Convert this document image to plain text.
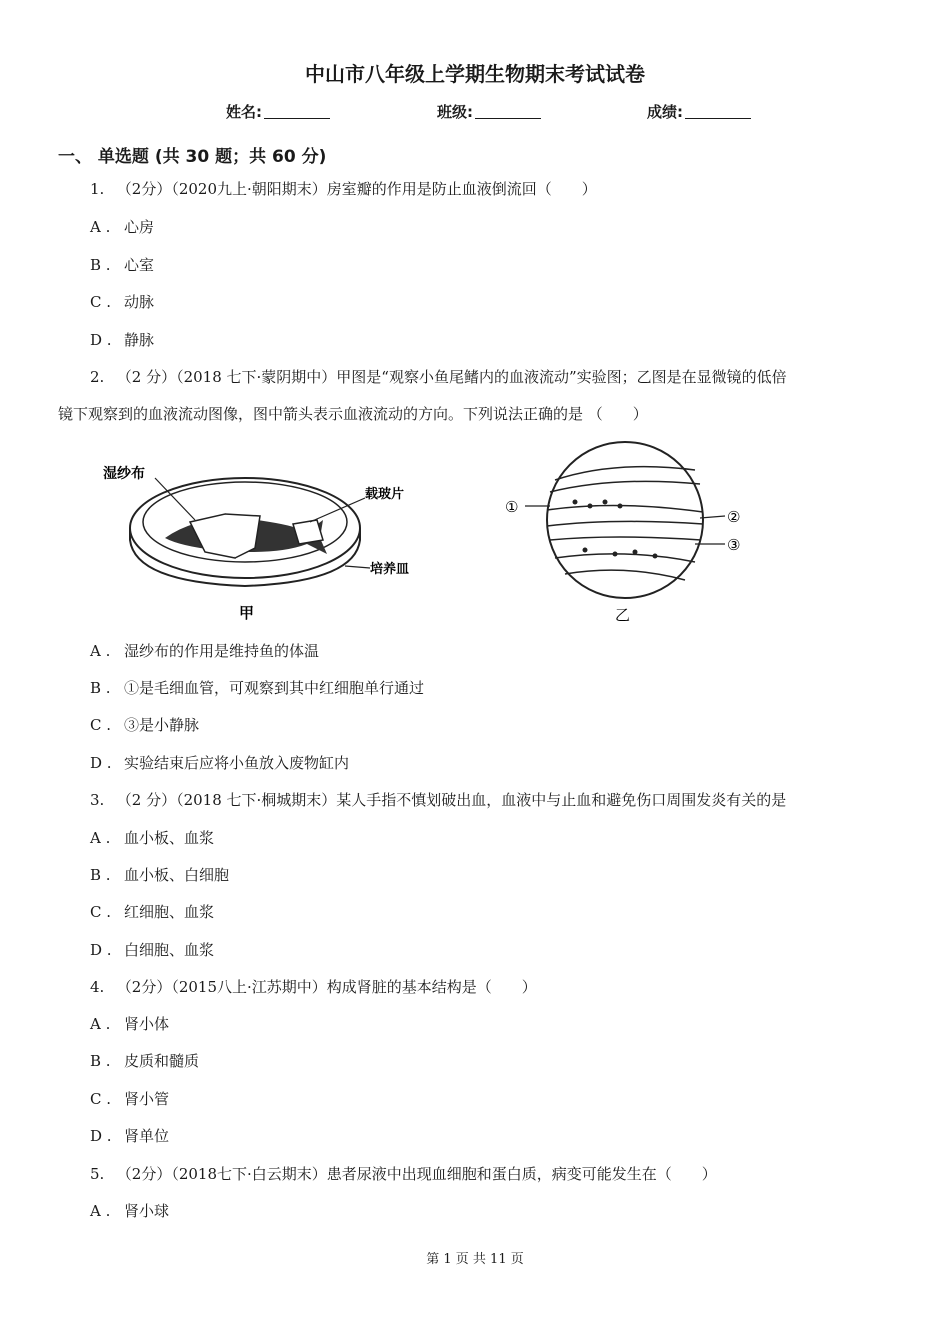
中山市八年级上学期生物期末考试试卷
姓名:	班级:	成绩:
一、 单选题 (共 30 题；共 60 分)
1. （2分）（2020九上·朝阳期末）房室瓣的作用是防止血液倒流回（　　）
A . 心房
B . 心室
C . 动脉
D . 静脉
2. （2 分）（2018 七下·蒙阴期中）甲图是“观察小鱼尾鳍内的血液流动”实验图；乙图是在显微镜的低倍
镜下观察到的血液流动图像，图中箭头表示血液流动的方向。下列说法正确的是 （　　）
湿纱布
载玻片
培养皿
甲
①
②
③
乙
A . 湿纱布的作用是维持鱼的体温
B . ①是毛细血管，可观察到其中红细胞单行通过
C . ③是小静脉
D . 实验结束后应将小鱼放入废物缸内
3. （2 分）（2018 七下·桐城期末）某人手指不慎划破出血，血液中与止血和避免伤口周围发炎有关的是
A . 血小板、血浆
B . 血小板、白细胞
C . 红细胞、血浆
D . 白细胞、血浆
4. （2分）（2015八上·江苏期中）构成肾脏的基本结构是（　　）
A . 肾小体
B . 皮质和髓质
C . 肾小管
D . 肾单位
5. （2分）（2018七下·白云期末）患者尿液中出现血细胞和蛋白质，病变可能发生在（　　）
A . 肾小球
第 1 页 共 11 页
